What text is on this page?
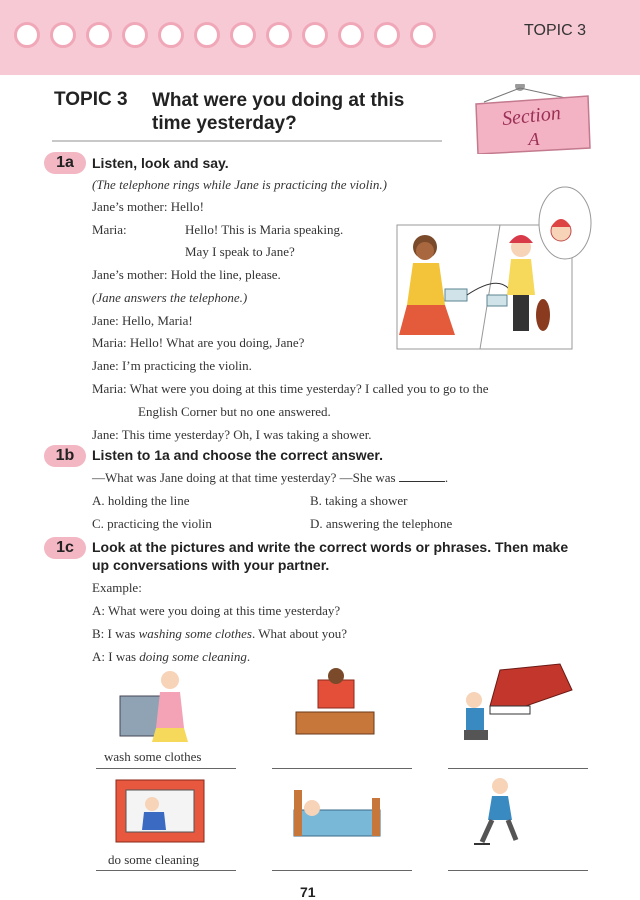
TOPIC 3
TOPIC 3 What were you doing at this
time yesterday?	Section
A
1a	Listen, look and say.
(The telephone rings while Jane is practicing the violin.)
Jane’s mother: Hello!
Maria:	Hello! This is Maria speaking.
May I speak to Jane?
Jane’s mother: Hold the line, please.
(Jane answers the telephone.)
Jane: Hello, Maria!
Maria: Hello! What are you doing, Jane?
Jane: I’m practicing the violin.
Maria: What were you doing at this time yesterday? I called you to go to the
English Corner but no one answered.
Jane: This time yesterday? Oh, I was taking a shower.
1b	Listen to 1a and choose the correct answer.
—What was Jane doing at that time yesterday? —She was	.
A. holding the line	B. taking a shower
C. practicing the violin	D. answering the telephone
1c	Look at the pictures and write the correct words or phrases. Then make
up conversations with your partner.
Example:
A: What were you doing at this time yesterday?
B: I was washing some clothes. What about you?
A: I was doing some cleaning.
wash some clothes
do some cleaning
71
